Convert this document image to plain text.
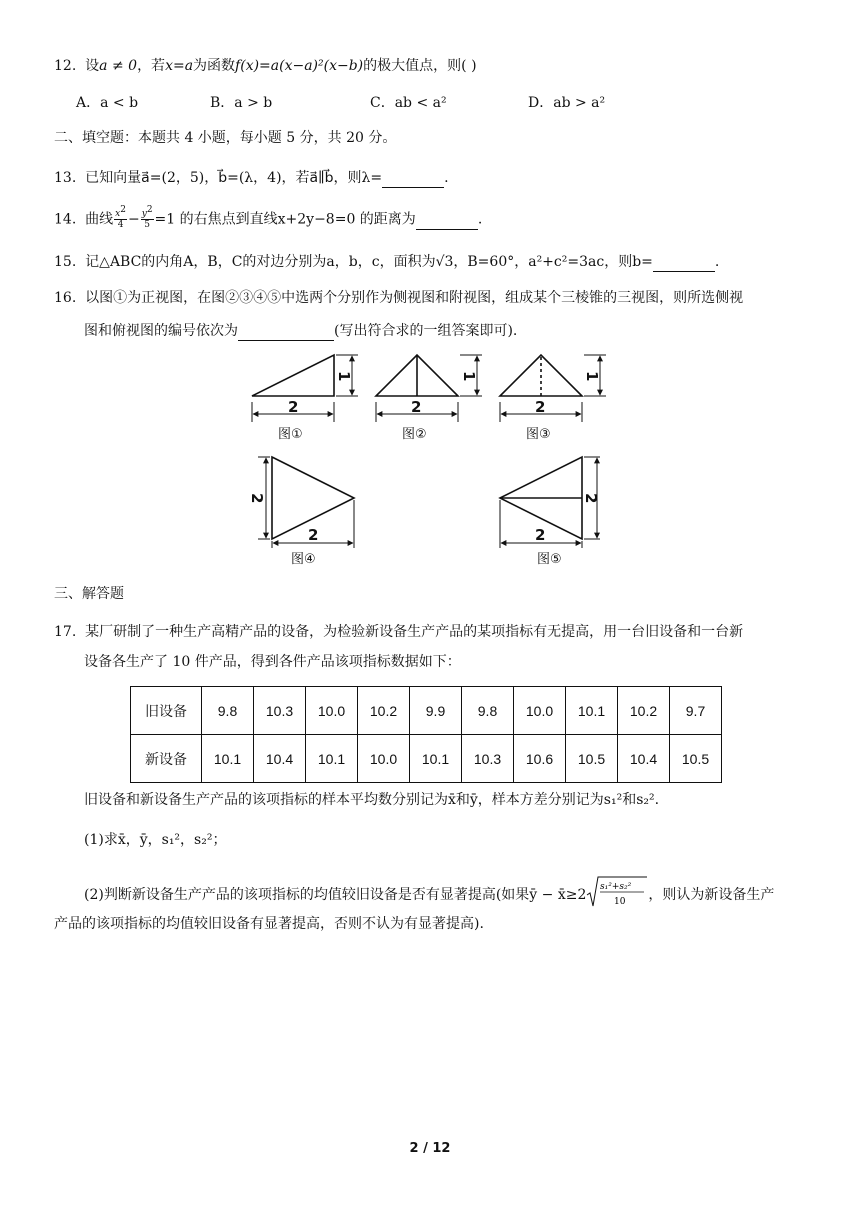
12. 设a ≠ 0，若x=a为函数f(x)=a(x−a)²(x−b)的极大值点，则( )
A．a < b	B．a > b	C．ab < a²	D．ab > a²
二、填空题：本题共 4 小题，每小题 5 分，共 20 分。
13. 已知向量a⃗=(2，5)，b⃗=(λ，4)，若a⃗∥b⃗，则λ=	.
14. 曲线 $\frac{x^2}{4} - \frac{y^2}{5} =1$ 的右焦点到直线x+2y−8=0 的距离为	.
15. 记△ABC的内角A，B，C的对边分别为a，b，c，面积为√3，B=60°，a²+c²=3ac，则b=	.
16. 以图①为正视图，在图②③④⑤中选两个分别作为侧视图和附视图，组成某个三棱锥的三视图，则所选侧视
图和俯视图的编号依次为	(写出符合求的一组答案即可).
2
1
2
1
2
1
2
2
2
2
图①	图②	图③
图④	图⑤
三、解答题
17. 某厂研制了一种生产高精产品的设备，为检验新设备生产产品的某项指标有无提高，用一台旧设备和一台新
设备各生产了 10 件产品，得到各件产品该项指标数据如下：
旧设备	9.8	10.3	10.0	10.2	9.9	9.8	10.0	10.1	10.2	9.7
新设备	10.1	10.4	10.1	10.0	10.1	10.3	10.6	10.5	10.4	10.5
旧设备和新设备生产产品的该项指标的样本平均数分别记为x̄和ȳ，样本方差分别记为s₁²和s₂².
(1)求x̄，ȳ，s₁²，s₂²；
(2)判断新设备生产产品的该项指标的均值较旧设备是否有显著提高(如果ȳ − x̄≥2 s₁²+s₂²
10 ，则认为新设备生产
产品的该项指标的均值较旧设备有显著提高，否则不认为有显著提高).
2 / 12
